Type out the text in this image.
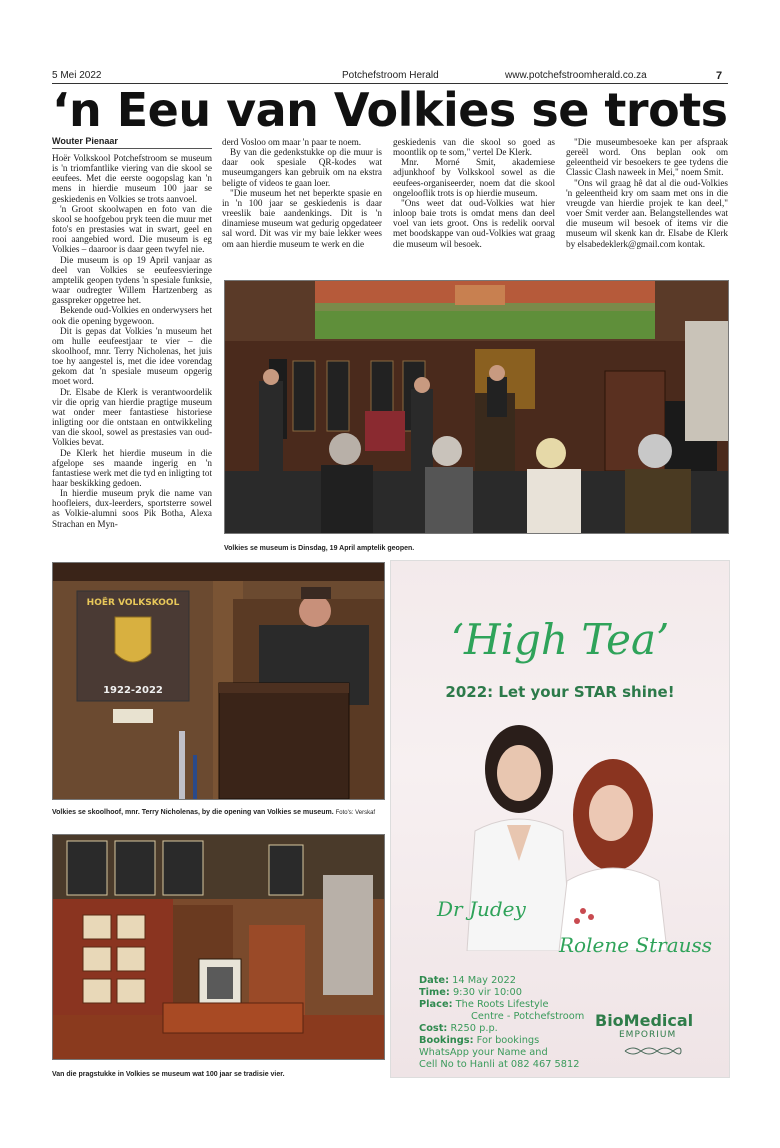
5 Mei 2022	Potchefstroom Herald	www.potchefstroomherald.co.za	7
‘n Eeu van Volkies se trots
Wouter Pienaar

Hoër Volkskool Potchefstroom se museum is 'n triomfantlike viering van die skool se eeufees. Met die eerste oogopslag kan 'n mens in hierdie museum 100 jaar se geskiedenis en Volkies se trots aanvoel.

'n Groot skoolwapen en foto van die skool se hoofgebou pryk teen die muur met foto's en prestasies wat in swart, geel en rooi aangebied word. Die museum is eg Volkies – daaroor is daar geen twyfel nie.

Die museum is op 19 April vanjaar as deel van Volkies se eeufeesvieringe amptelik geopen tydens 'n spesiale funksie, waar oudregter Willem Hartzenberg as gasspreker opgetree het.

Bekende oud-Volkies en onderwysers het ook die opening bygewoon.

Dit is gepas dat Volkies 'n museum het om hulle eeufeestjaar te vier – die skoolhoof, mnr. Terry Nicholenas, het juis toe hy aangestel is, met die idee vorendag gekom dat 'n spesiale museum opgerig moet word.

Dr. Elsabe de Klerk is verantwoordelik vir die oprig van hierdie pragtige museum wat onder meer fantastiese historiese inligting oor die ontstaan en ontwikkeling van die skool, sowel as prestasies van oud-Volkies bevat.

De Klerk het hierdie museum in die afgelope ses maande ingerig en 'n fantastiese werk met die tyd en inligting tot haar beskikking gedoen.

In hierdie museum pryk die name van hoofleiers, dux-leerders, sportsterre sowel as Volkie-alumni soos Pik Botha, Alexa Strachan en Myn-

derd Vosloo om maar 'n paar te noem.

By van die gedenkstukke op die muur is daar ook spesiale QR-kodes wat museumgangers kan gebruik om na ekstra beligte of videos te gaan loer.

"Die museum het net beperkte spasie en in 'n 100 jaar se geskiedenis is daar vreeslik baie aandenkings. Dit is 'n dinamiese museum wat gedurig opgedateer sal word. Dit was vir my baie lekker wees om aan hierdie museum te werk en die

geskiedenis van die skool so goed as moontlik op te som," vertel De Klerk.

Mnr. Morné Smit, akademiese adjunkhoof by Volkskool sowel as die eeufees-organiseerder, noem dat die skool ongelooflik trots is op hierdie museum.

"Ons weet dat oud-Volkies wat hier inloop baie trots is omdat mens dan deel voel van iets groot. Ons is redelik oorval met boodskappe van oud-Volkies wat graag die museum wil besoek.

"Die museumbesoeke kan per afspraak gereël word. Ons beplan ook om geleentheid vir besoekers te gee tydens die Classic Clash naweek in Mei," noem Smit.

"Ons wil graag hê dat al die oud-Volkies 'n geleentheid kry om saam met ons in die vreugde van hierdie projek te kan deel," voer Smit verder aan. Belangstellendes wat die museum wil besoek of items vir die museum wil skenk kan dr. Elsabe de Klerk by elsabedeklerk@gmail.com kontak.

Volkies se museum is Dinsdag, 19 April amptelik geopen.
HOËR VOLKSKOOL
1922-2022
Volkies se skoolhoof, mnr. Terry Nicholenas, by die opening van Volkies se museum. Foto's: Verskaf
Van die pragstukke in Volkies se museum wat 100 jaar se tradisie vier.
‘High Tea’
2022: Let your STAR shine!
Dr Judey
Rolene Strauss
Date: 14 May 2022
Time: 9:30 vir 10:00
Place: The Roots Lifestyle
Centre - Potchefstroom
Cost: R250 p.p.
Bookings: For bookings
WhatsApp your Name and
Cell No to Hanli at 082 467 5812
BioMedical
EMPORIUM
